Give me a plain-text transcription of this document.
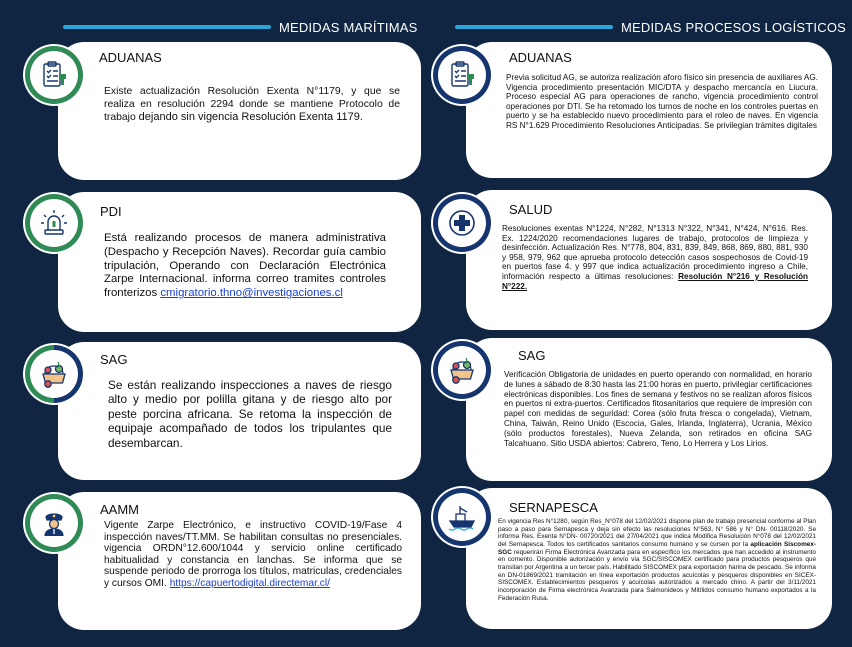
MEDIDAS MARÍTIMAS	MEDIDAS PROCESOS LOGÍSTICOS
ADUANAS
Existe actualización Resolución Exenta N°1179, y que se realiza en resolución 2294 donde se mantiene Protocolo de trabajo dejando sin vigencia Resolución Exenta 1179.
PDI
Está realizando procesos de manera administrativa (Despacho y Recepción Naves). Recordar guía cambio tripulación, Operando con Declaración Electrónica Zarpe Internacional. informa correo tramites controles fronterizos cmigratorio.thno@investigaciones.cl
SAG
Se están realizando inspecciones a naves de riesgo alto y medio por polilla gitana y de riesgo alto por peste porcina africana. Se retoma la inspección de equipaje acompañado de todos los tripulantes que desembarcan.
AAMM
Vigente Zarpe Electrónico, e instructivo COVID-19/Fase 4 inspección naves/TT.MM. Se habilitan consultas no presenciales. vigencia ORDN°12.600/1044 y servicio online certificado habitualidad y constancia en lanchas. Se informa que se suspende periodo de prorroga los títulos, matriculas, credenciales y cursos OMI. https://capuertodigital.directemar.cl/
ADUANAS
Previa solicitud AG, se autoriza realización aforo físico sin presencia de auxiliares AG. Vigencia procedimiento presentación MIC/DTA y despacho mercancía en Liucura. Proceso especial AG para operaciones de rancho, vigencia procedimiento control operaciones por DTI. Se ha retomado los turnos de noche en los controles puertas en puerto y se ha establecido nuevo procedimiento para el roleo de naves. En vigencia RS N°1.629 Procedimiento Resoluciones Anticipadas. Se privilegian trámites digitales
SALUD
Resoluciones exentas N°1224, N°282, N°1313 N°322, N°341, N°424, N°616. Res. Ex. 1224/2020 recomendaciones lugares de trabajo, protocolos de limpieza y desinfección. Actualización Res. N°778, 804, 831, 839, 849, 868, 869, 880, 881, 930 y 958, 979, 962 que aprueba protocolo detección casos sospechosos de Covid-19 en puertos fase 4. y 997 que indica actualización procedimiento ingreso a Chile, información respecto a últimas resoluciones: Resolución N°216 y Resolución N°222.
SAG
Verificación Obligatoria de unidades en puerto operando con normalidad, en horario de lunes a sábado de 8:30 hasta las 21:00 horas en puerto, privilegiar certificaciones electrónicas disponibles. Los fines de semana y festivos no se realizan aforos físicos en puertos ni extra-puertos. Certificados fitosanitarios que requiere de impresión con papel con medidas de seguridad: Corea (sólo fruta fresca o congelada), Vietnam, China, Taiwán, Reino Unido (Escocia, Gales, Irlanda, Inglaterra), Ucrania, México (sólo productos forestales), Nueva Zelanda, son retirados en oficina SAG Talcahuano. Sitio USDA abiertos: Cabrero, Teno, Lo Herrera y Los Lirios.
SERNAPESCA
En vigencia Res N°1280, según Res_N°078 del 12/02/2021 dispone plan de trabajo presencial conforme al Plan paso a paso para Sernapesca y deja sin efecto las resoluciones N°563, N° 586 y N° DN- 00118/2020. Se informa Res. Exenta N°DN- 00720/2021 del 27/04/2021 que indica Modifica Resolución N°078 del 12/02/2021 del Sernapesca. Todos los certificados sanitarios consumo humano y se cursen por la aplicación Siscomex-SGC requerirán Firma Electrónica Avanzada para en específico los mercados que han accedido al instrumento en comento. Disponible autorización y envío vía SGC/SISCOMEX certificado para productos pesqueros que transitan por Argentina a un tercer país. Habilitado SISCOMEX para exportación harina de pescado. Se informa en DN-01869/2021 tramitación en línea exportación productos acuícolas y pesqueros disponibles en SICEX-SISCOMEX. Establecimientos pesqueros y acuícolas autorizados a mercado chino. A partir del 3/11/2021 incorporación de Firma electrónica Avanzada para Salmonideos y Mitílidos consumo humano exportados a la Federación Rusa.
